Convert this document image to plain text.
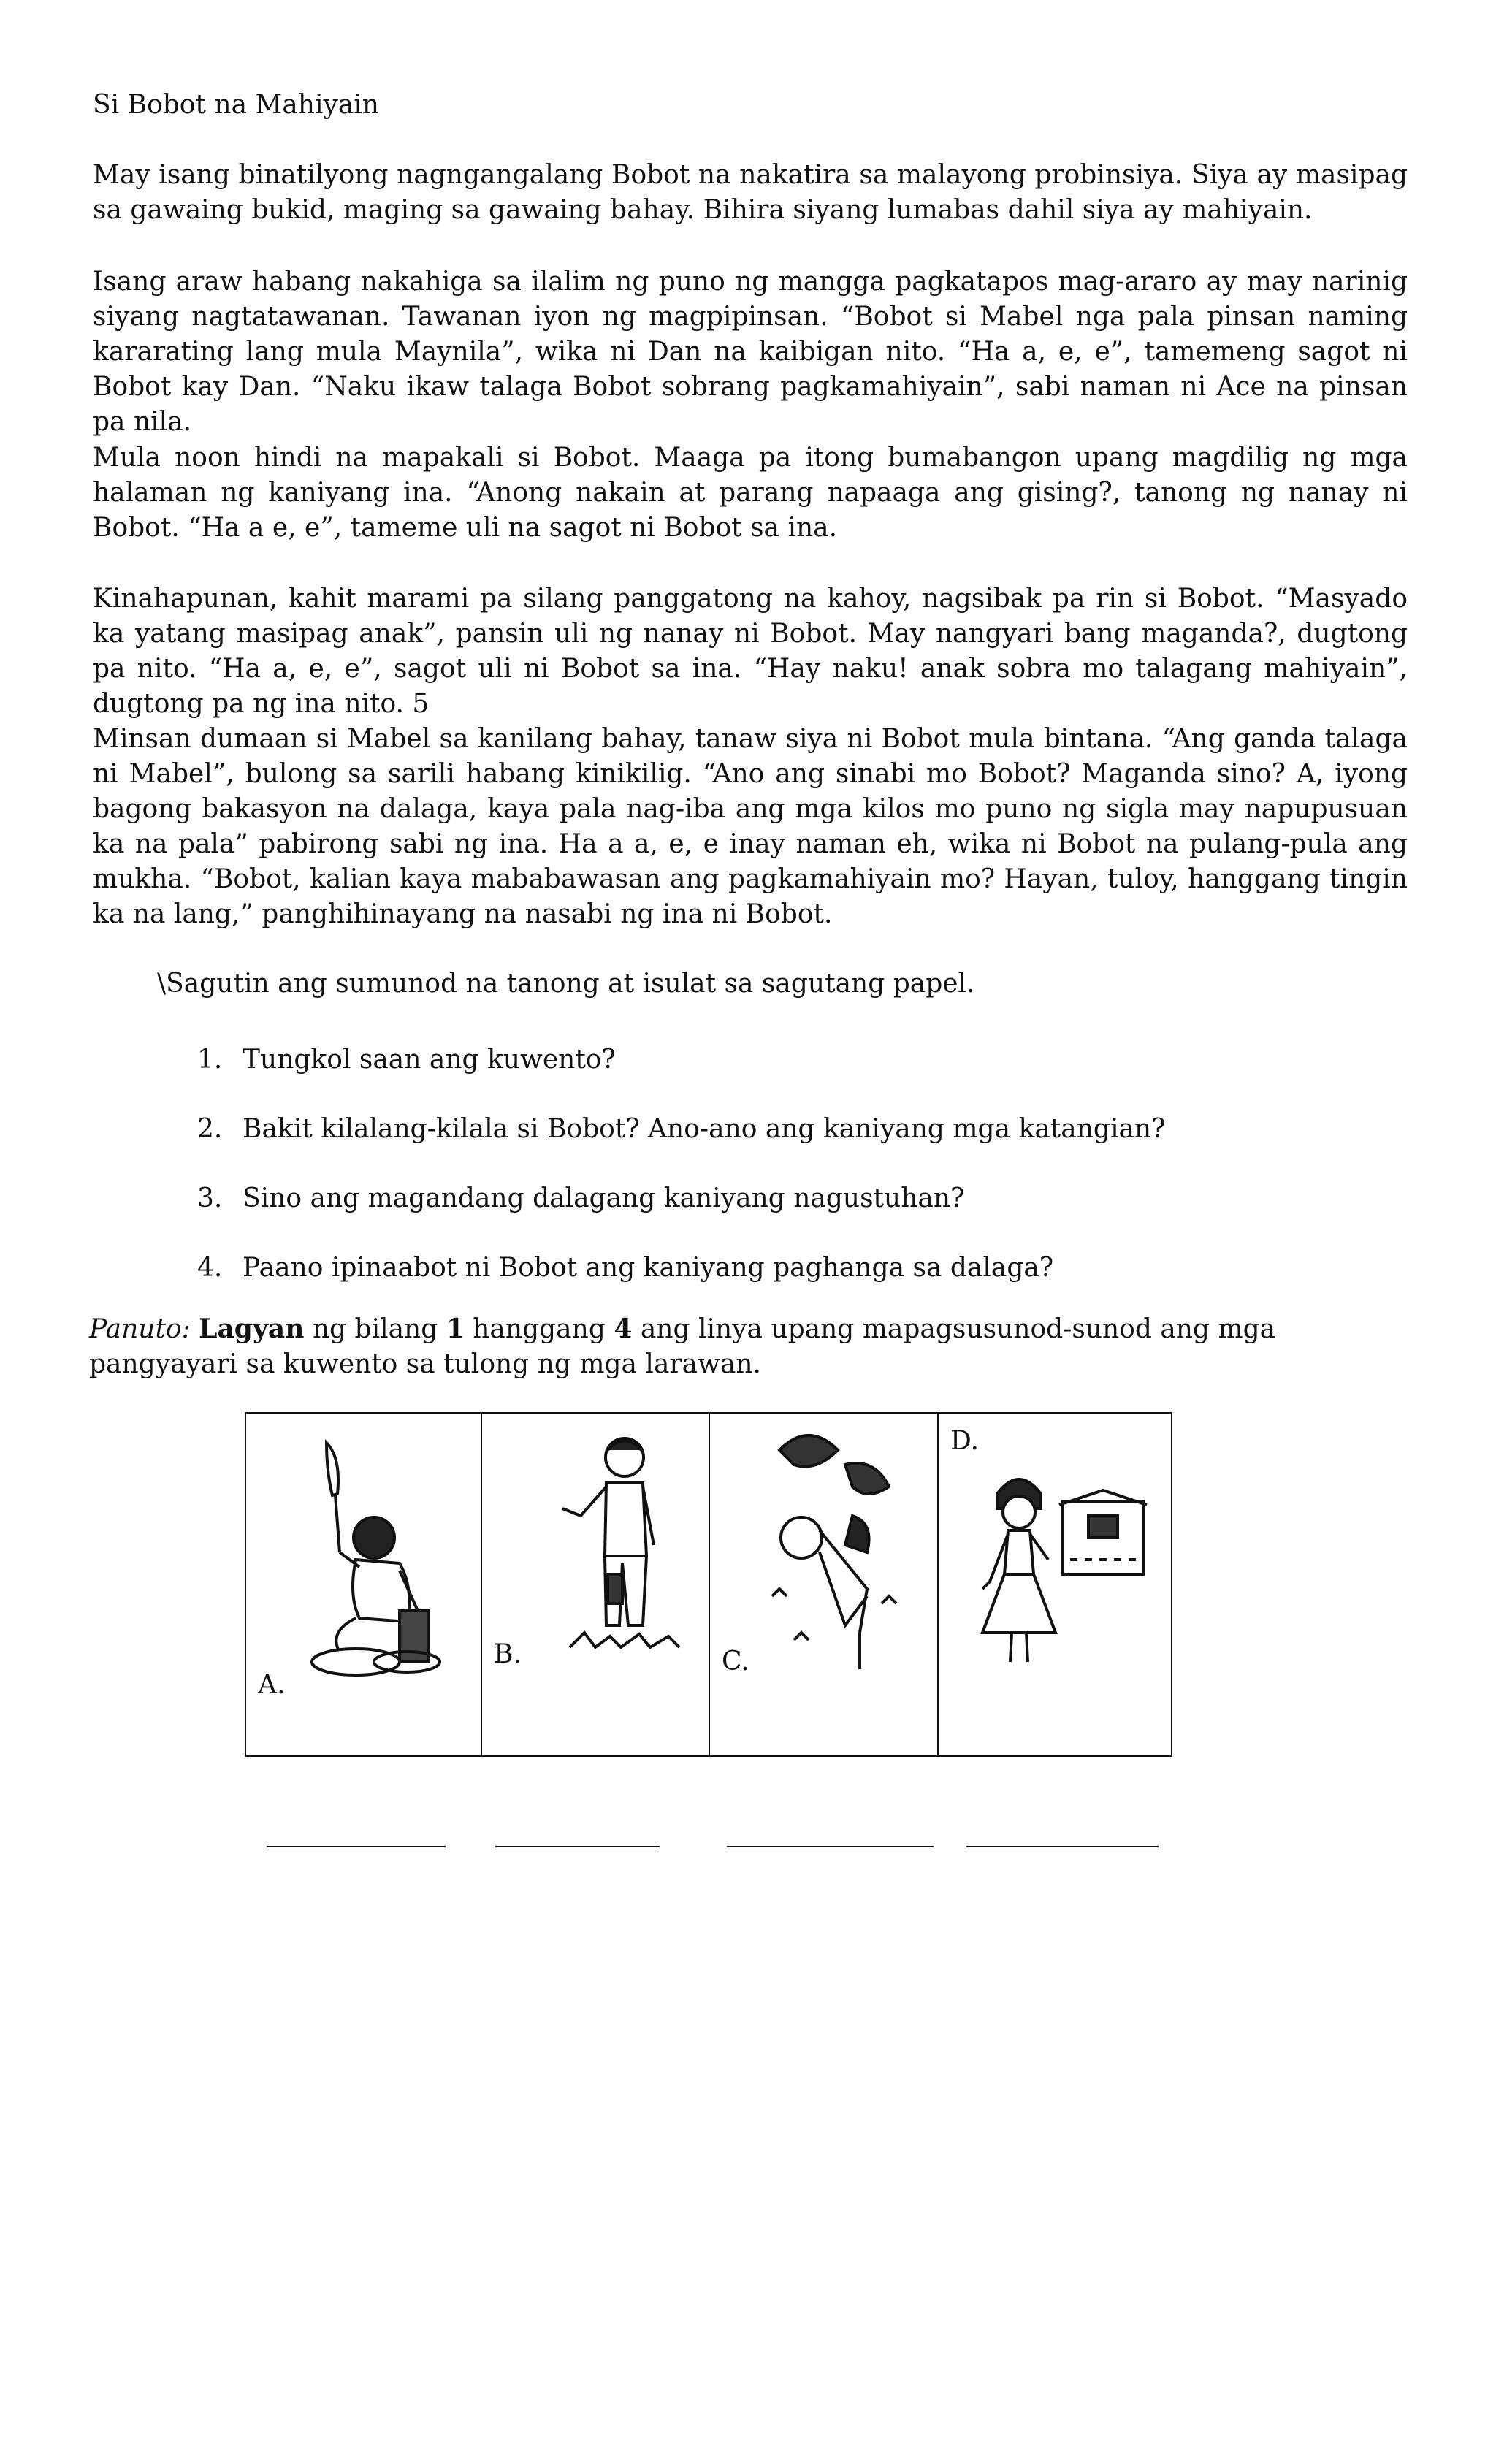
Si Bobot na Mahiyain

May isang binatilyong nagngangalang Bobot na nakatira sa malayong probinsiya. Siya ay masipag sa gawaing bukid, maging sa gawaing bahay. Bihira siyang lumabas dahil siya ay mahiyain.

Isang araw habang nakahiga sa ilalim ng puno ng mangga pagkatapos mag-araro ay may narinig siyang nagtatawanan. Tawanan iyon ng magpipinsan. “Bobot si Mabel nga pala pinsan naming kararating lang mula Maynila”, wika ni Dan na kaibigan nito. “Ha a, e, e”, tamemeng sagot ni Bobot kay Dan. “Naku ikaw talaga Bobot sobrang pagkamahiyain”, sabi naman ni Ace na pinsan pa nila.

Mula noon hindi na mapakali si Bobot. Maaga pa itong bumabangon upang magdilig ng mga halaman ng kaniyang ina. “Anong nakain at parang napaaga ang gising?, tanong ng nanay ni Bobot. “Ha a e, e”, tameme uli na sagot ni Bobot sa ina.

Kinahapunan, kahit marami pa silang panggatong na kahoy, nagsibak pa rin si Bobot. “Masyado ka yatang masipag anak”, pansin uli ng nanay ni Bobot. May nangyari bang maganda?, dugtong pa nito. “Ha a, e, e”, sagot uli ni Bobot sa ina. “Hay naku! anak sobra mo talagang mahiyain”, dugtong pa ng ina nito. 5

Minsan dumaan si Mabel sa kanilang bahay, tanaw siya ni Bobot mula bintana. “Ang ganda talaga ni Mabel”, bulong sa sarili habang kinikilig. “Ano ang sinabi mo Bobot? Maganda sino? A, iyong bagong bakasyon na dalaga, kaya pala nag-iba ang mga kilos mo puno ng sigla may napupusuan ka na pala” pabirong sabi ng ina. Ha a a, e, e inay naman eh, wika ni Bobot na pulang-pula ang mukha. “Bobot, kalian kaya mababawasan ang pagkamahiyain mo? Hayan, tuloy, hanggang tingin ka na lang,” panghihinayang na nasabi ng ina ni Bobot.

\Sagutin ang sumunod na tanong at isulat sa sagutang papel.
1. Tungkol saan ang kuwento?
2. Bakit kilalang-kilala si Bobot? Ano-ano ang kaniyang mga katangian?
3. Sino ang magandang dalagang kaniyang nagustuhan?
4. Paano ipinaabot ni Bobot ang kaniyang paghanga sa dalaga?

Panuto: Lagyan ng bilang 1 hanggang 4 ang linya upang mapagsusunod-sunod ang mga pangyayari sa kuwento sa tulong ng mga larawan.

A.
B.	C.
D.
